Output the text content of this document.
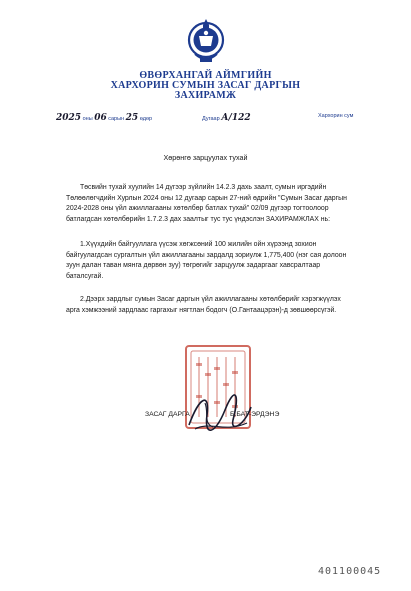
ӨВӨРХАНГАЙ АЙМГИЙН
ХАРХОРИН СУМЫН ЗАСАГ ДАРГЫН
ЗАХИРАМЖ
2025 оны 06 сарын 25 өдөр	Дугаар А/122	Хархорин сум
Хөрөнгө зарцуулах тухай
Төсвийн тухай хуулийн 14 дүгээр зүйлийн 14.2.3 дахь заалт, сумын иргэдийн Төлөөлөгчдийн Хурлын 2024 оны 12 дугаар сарын 27-ний өдрийн "Сумын Засаг даргын 2024-2028 оны үйл ажиллагааны хөтөлбөр батлах тухай" 02/09 дүгээр тогтоолоор батлагдсан хөтөлбөрийн 1.7.2.3 дах заалтыг тус тус үндэслэн ЗАХИРАМЖЛАХ нь:
1.Хүүхдийн байгууллага үүсэж хөгжсөний 100 жилийн ойн хүрээнд зохион байгуулагдсан сургалтын үйл ажиллагааны зардалд зориулж 1,775,400 (нэг сая долоон зуун далан таван мянга дөрвөн зуу) төгрөгийг зарцуулж задаргааг хавсралтаар баталсугай.
2.Дээрх зардлыг сумын Засаг даргын үйл ажиллагааны хөтөлбөрийг хэрэгжүүлэх арга хэмжээний зардлаас гаргахыг нягтлан бодогч (О.Гантаацэрэн)-д зөвшөөрсүгэй.
ЗАСАГ ДАРГА	Б.БАТ-ЭРДЭНЭ
401100045
